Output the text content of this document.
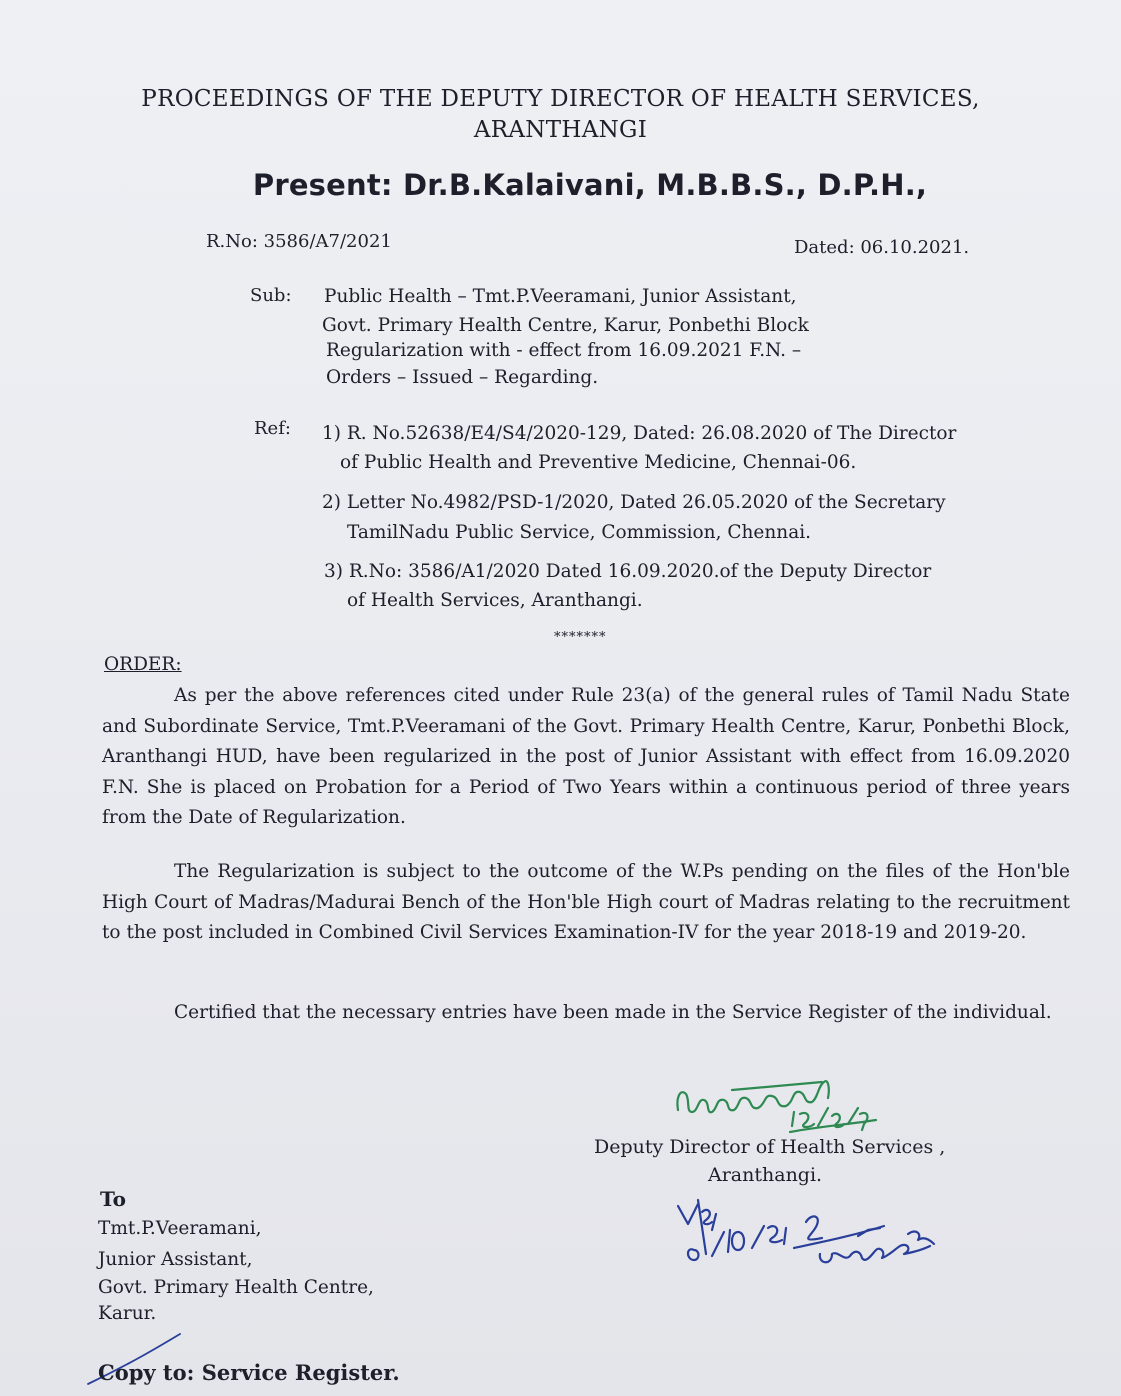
PROCEEDINGS OF THE DEPUTY DIRECTOR OF HEALTH SERVICES,
ARANTHANGI
Present: Dr.B.Kalaivani, M.B.B.S., D.P.H.,
R.No: 3586/A7/2021	Dated: 06.10.2021.
Sub: Public Health – Tmt.P.Veeramani, Junior Assistant,
Govt. Primary Health Centre, Karur, Ponbethi Block
Regularization with - effect from 16.09.2021 F.N. –
Orders – Issued – Regarding.
Ref: 1) R. No.52638/E4/S4/2020-129, Dated: 26.08.2020 of The Director
of Public Health and Preventive Medicine, Chennai-06.
2) Letter No.4982/PSD-1/2020, Dated 26.05.2020 of the Secretary
TamilNadu Public Service, Commission, Chennai.
3) R.No: 3586/A1/2020 Dated 16.09.2020.of the Deputy Director
of Health Services, Aranthangi.
*******
ORDER:
As per the above references cited under Rule 23(a) of the general rules of Tamil Nadu State and Subordinate Service, Tmt.P.Veeramani of the Govt. Primary Health Centre, Karur, Ponbethi Block, Aranthangi HUD, have been regularized in the post of Junior Assistant with effect from 16.09.2020 F.N. She is placed on Probation for a Period of Two Years within a continuous period of three years from the Date of Regularization.
The Regularization is subject to the outcome of the W.Ps pending on the files of the Hon'ble High Court of Madras/Madurai Bench of the Hon'ble High court of Madras relating to the recruitment to the post included in Combined Civil Services Examination-IV for the year 2018-19 and 2019-20.
Certified that the necessary entries have been made in the Service Register of the individual.
பதிவுமாணி 13/10/21
Deputy Director of Health Services ,
Aranthangi.
6/10/21 2 பெற்றுக்
To
Tmt.P.Veeramani,
Junior Assistant,
Govt. Primary Health Centre,
Karur.
Copy to: Service Register.
